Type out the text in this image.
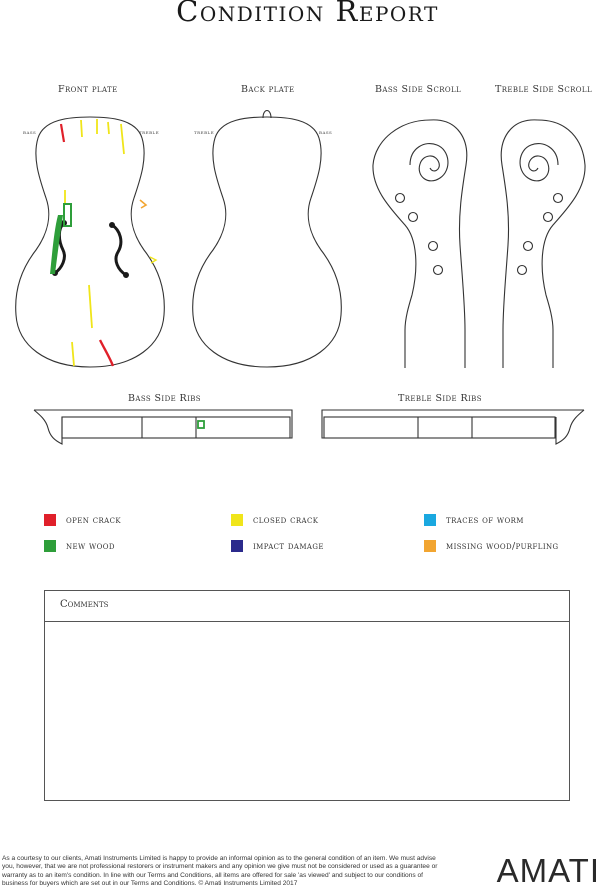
Condition Report
Front plate	Back plate	Bass Side Scroll	Treble Side Scroll
Bass Side Ribs	Treble Side Ribs
bass	treble	treble	bass
open crack	closed crack	traces of worm
new wood	impact damage	missing wood/purfling
Comments
As a courtesy to our clients, Amati Instruments Limited is happy to provide an informal opinion as to the general condition of an item. We must advise you, however, that we are not professional restorers or instrument makers and any opinion we give must not be considered or used as a guarantee or warranty as to an item's condition. In line with our Terms and Conditions, all items are offered for sale 'as viewed' and subject to our conditions of business for buyers which are set out in our Terms and Conditions. © Amati Instruments Limited 2017	AMATI
